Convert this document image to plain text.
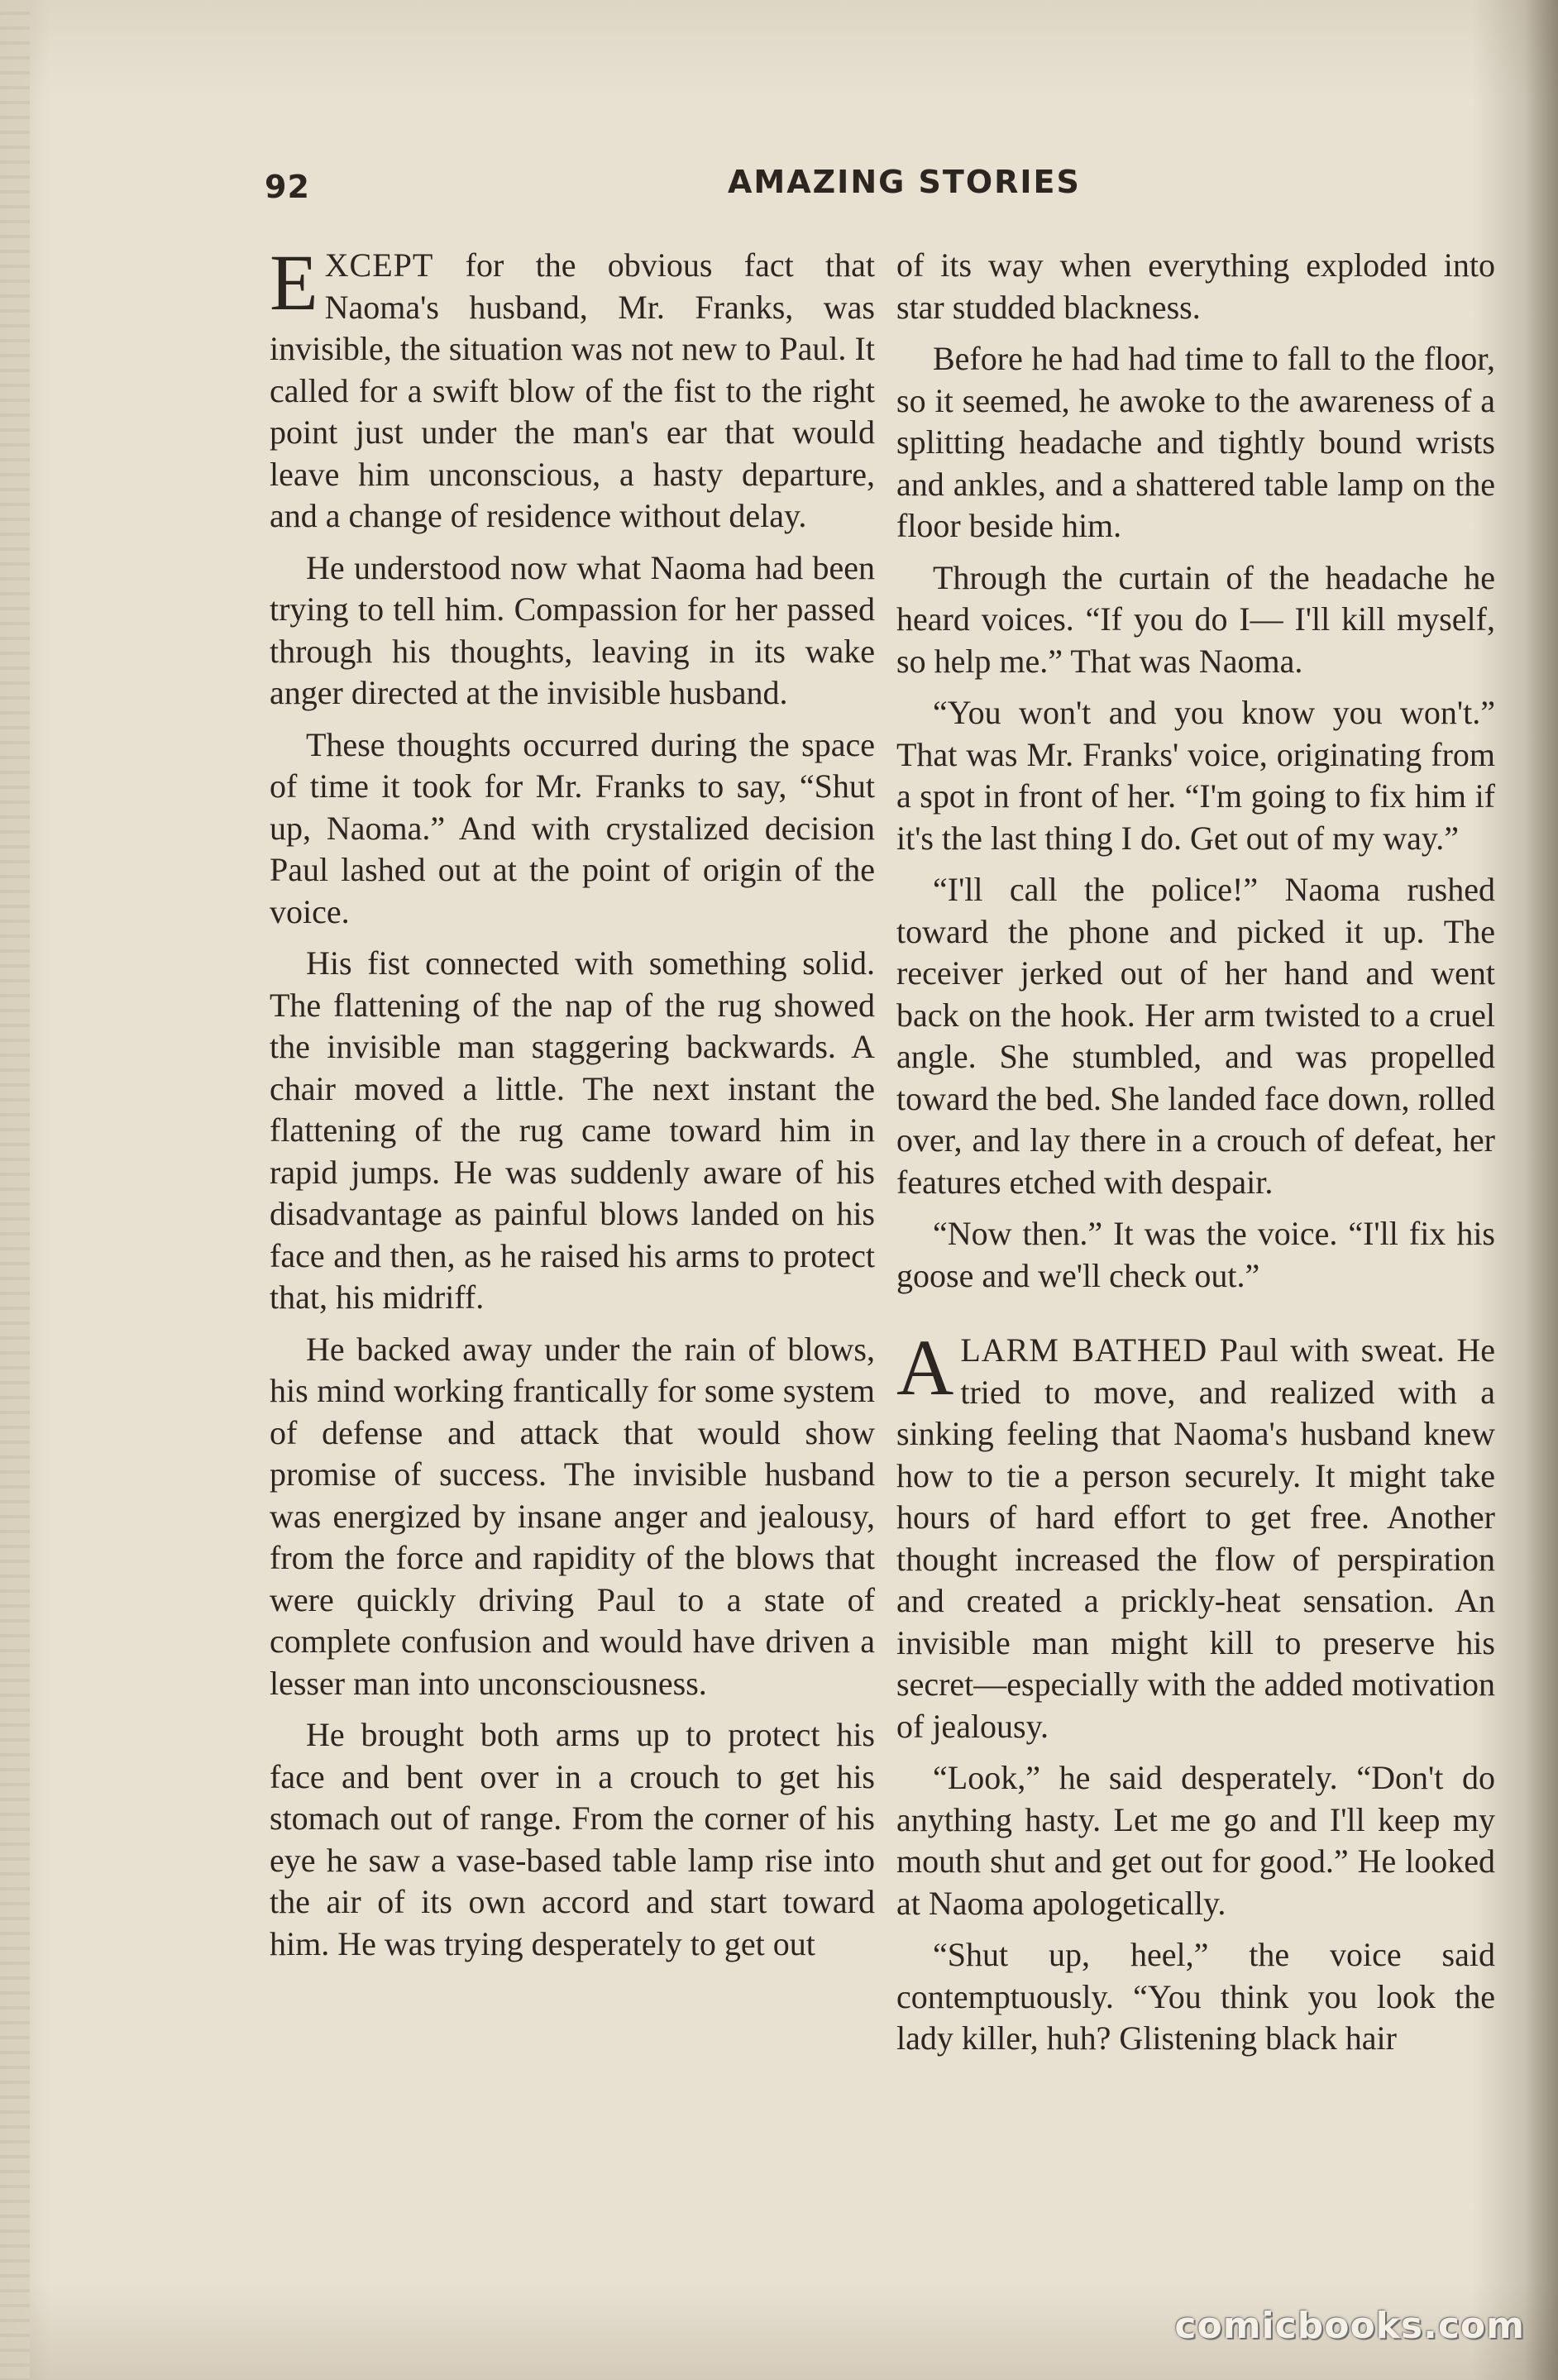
92	AMAZING STORIES

EXCEPT for the obvious fact that Naoma's husband, Mr. Franks, was invisible, the situation was not new to Paul. It called for a swift blow of the fist to the right point just under the man's ear that would leave him unconscious, a hasty departure, and a change of residence without delay.

He understood now what Naoma had been trying to tell him. Compassion for her passed through his thoughts, leaving in its wake anger directed at the invisible husband.

These thoughts occurred during the space of time it took for Mr. Franks to say, “Shut up, Naoma.” And with crystalized decision Paul lashed out at the point of origin of the voice.

His fist connected with something solid. The flattening of the nap of the rug showed the invisible man staggering backwards. A chair moved a little. The next instant the flattening of the rug came toward him in rapid jumps. He was suddenly aware of his disadvantage as painful blows landed on his face and then, as he raised his arms to protect that, his midriff.

He backed away under the rain of blows, his mind working frantically for some system of defense and attack that would show promise of success. The invisible husband was energized by insane anger and jealousy, from the force and rapidity of the blows that were quickly driving Paul to a state of complete confusion and would have driven a lesser man into unconsciousness.

He brought both arms up to protect his face and bent over in a crouch to get his stomach out of range. From the corner of his eye he saw a vase-based table lamp rise into the air of its own accord and start toward him. He was trying desperately to get out

of its way when everything exploded into star studded blackness.

Before he had had time to fall to the floor, so it seemed, he awoke to the awareness of a splitting headache and tightly bound wrists and ankles, and a shattered table lamp on the floor beside him.

Through the curtain of the headache he heard voices. “If you do I— I'll kill myself, so help me.” That was Naoma.

“You won't and you know you won't.” That was Mr. Franks' voice, originating from a spot in front of her. “I'm going to fix him if it's the last thing I do. Get out of my way.”

“I'll call the police!” Naoma rushed toward the phone and picked it up. The receiver jerked out of her hand and went back on the hook. Her arm twisted to a cruel angle. She stumbled, and was propelled toward the bed. She landed face down, rolled over, and lay there in a crouch of defeat, her features etched with despair.

“Now then.” It was the voice. “I'll fix his goose and we'll check out.”

ALARM BATHED Paul with sweat. He tried to move, and realized with a sinking feeling that Naoma's husband knew how to tie a person securely. It might take hours of hard effort to get free. Another thought increased the flow of perspiration and created a prickly-heat sensation. An invisible man might kill to preserve his secret—especially with the added motivation of jealousy.

“Look,” he said desperately. “Don't do anything hasty. Let me go and I'll keep my mouth shut and get out for good.” He looked at Naoma apologetically.

“Shut up, heel,” the voice said contemptuously. “You think you look the lady killer, huh? Glistening black hair

comicbooks.com
